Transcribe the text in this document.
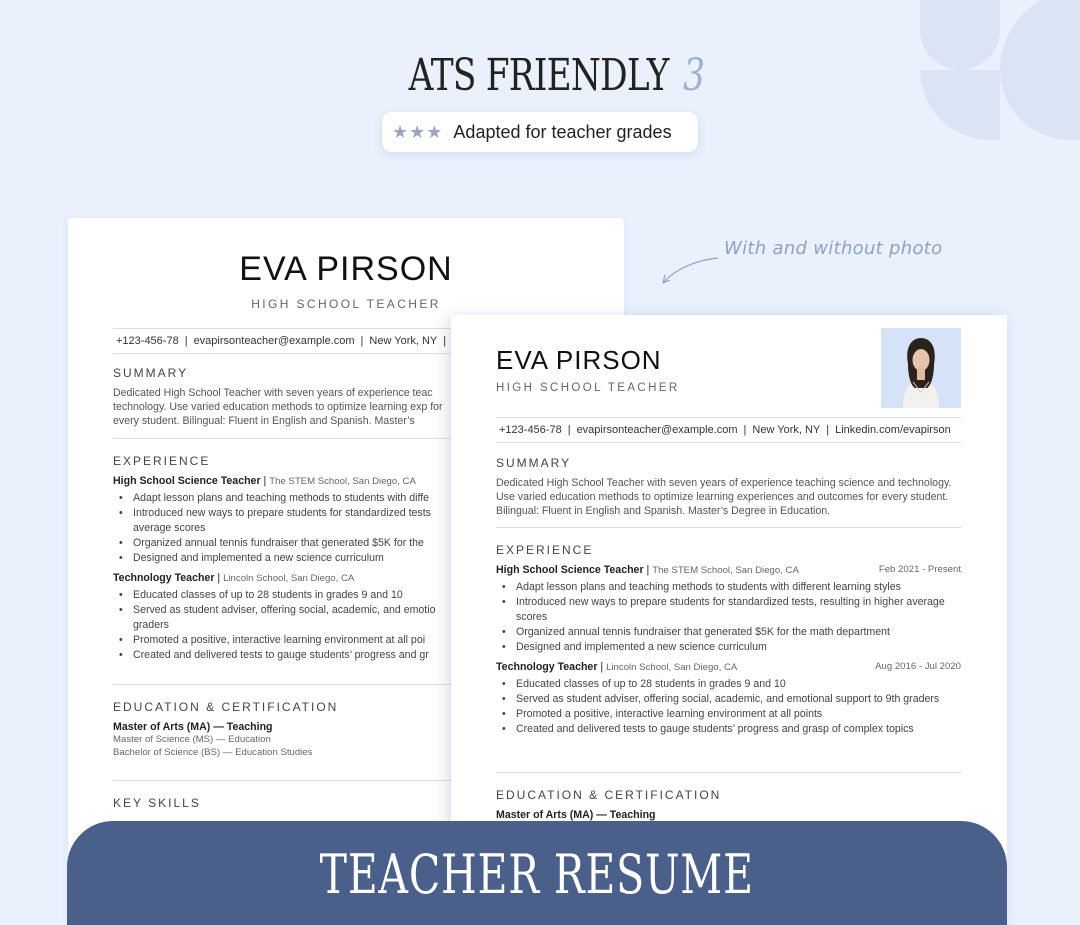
ATS FRIENDLY 3
★★★ Adapted for teacher grades
With and without photo
EVA PIRSON
HIGH SCHOOL TEACHER
+123-456-78 | evapirsonteacher@example.com | New York, NY |
SUMMARY
Dedicated High School Teacher with seven years of experience teac technology. Use varied education methods to optimize learning exp for every student. Bilingual: Fluent in English and Spanish. Master’s
EXPERIENCE
High School Science Teacher | The STEM School, San Diego, CA
• Adapt lesson plans and teaching methods to students with diffe
• Introduced new ways to prepare students for standardized tests
average scores
• Organized annual tennis fundraiser that generated $5K for the
• Designed and implemented a new science curriculum
Technology Teacher | Lincoln School, San Diego, CA
• Educated classes of up to 28 students in grades 9 and 10
• Served as student adviser, offering social, academic, and emotio
graders
• Promoted a positive, interactive learning environment at all poi
• Created and delivered tests to gauge students’ progress and gr
EDUCATION & CERTIFICATION
Master of Arts (MA) — Teaching
Master of Science (MS) — Education
Bachelor of Science (BS) — Education Studies
KEY SKILLS
EVA PIRSON
HIGH SCHOOL TEACHER
+123-456-78 | evapirsonteacher@example.com | New York, NY | Linkedin.com/evapirson
SUMMARY
Dedicated High School Teacher with seven years of experience teaching science and technology. Use varied education methods to optimize learning experiences and outcomes for every student. Bilingual: Fluent in English and Spanish. Master’s Degree in Education.
EXPERIENCE
High School Science Teacher | The STEM School, San Diego, CA	Feb 2021 - Present
• Adapt lesson plans and teaching methods to students with different learning styles
• Introduced new ways to prepare students for standardized tests, resulting in higher average scores
• Organized annual tennis fundraiser that generated $5K for the math department
• Designed and implemented a new science curriculum
Technology Teacher | Lincoln School, San Diego, CA	Aug 2016 - Jul 2020
• Educated classes of up to 28 students in grades 9 and 10
• Served as student adviser, offering social, academic, and emotional support to 9th graders
• Promoted a positive, interactive learning environment at all points
• Created and delivered tests to gauge students’ progress and grasp of complex topics
EDUCATION & CERTIFICATION
Master of Arts (MA) — Teaching
TEACHER RESUME
